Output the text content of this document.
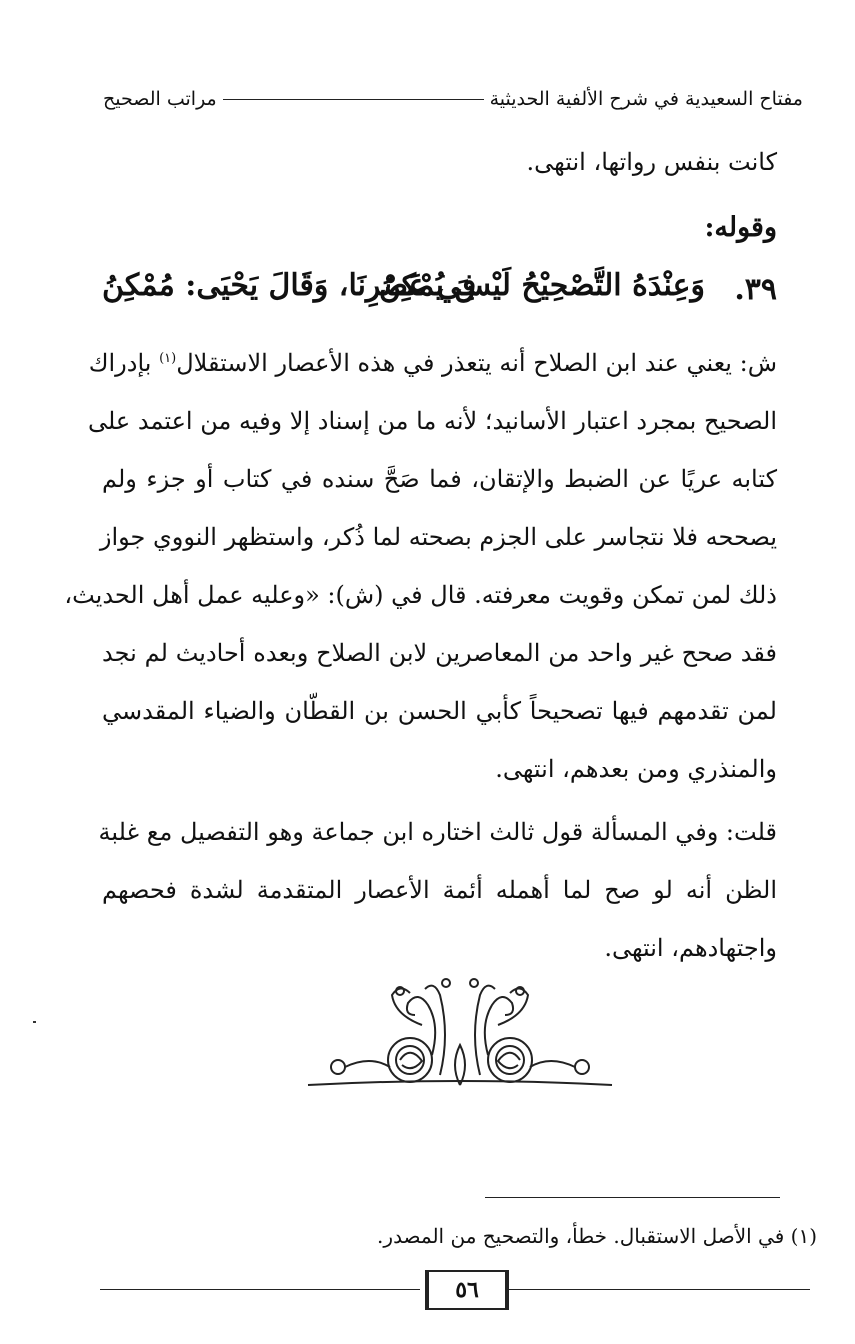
مفتاح السعيدية في شرح الألفية الحديثية
مراتب الصحيح
كانت بنفس رواتها، انتهى.
وقوله:
٣٩.
وَعِنْدَهُ التَّصْحِيْحُ لَيْسَ يُمْكِنُ
فِي عَصْرِنَا، وَقَالَ يَحْيَى: مُمْكِنُ
ش: يعني عند ابن الصلاح أنه يتعذر في هذه الأعصار الاستقلال$^{(١)}$ بإدراك
الصحيح بمجرد اعتبار الأسانيد؛ لأنه ما من إسناد إلا وفيه من اعتمد على
كتابه عريًا عن الضبط والإتقان، فما صَحَّ سنده في كتاب أو جزء ولم
يصححه فلا نتجاسر على الجزم بصحته لما ذُكر، واستظهر النووي جواز
ذلك لمن تمكن وقويت معرفته. قال في (ش): «وعليه عمل أهل الحديث،
فقد صحح غير واحد من المعاصرين لابن الصلاح وبعده أحاديث لم نجد
لمن تقدمهم فيها تصحيحاً كأبي الحسن بن القطّان والضياء المقدسي
والمنذري ومن بعدهم، انتهى.
قلت: وفي المسألة قول ثالث اختاره ابن جماعة وهو التفصيل مع غلبة
الظن أنه لو صح لما أهمله أئمة الأعصار المتقدمة لشدة فحصهم
واجتهادهم، انتهى.
(١) في الأصل الاستقبال. خطأ، والتصحيح من المصدر.
٥٦
